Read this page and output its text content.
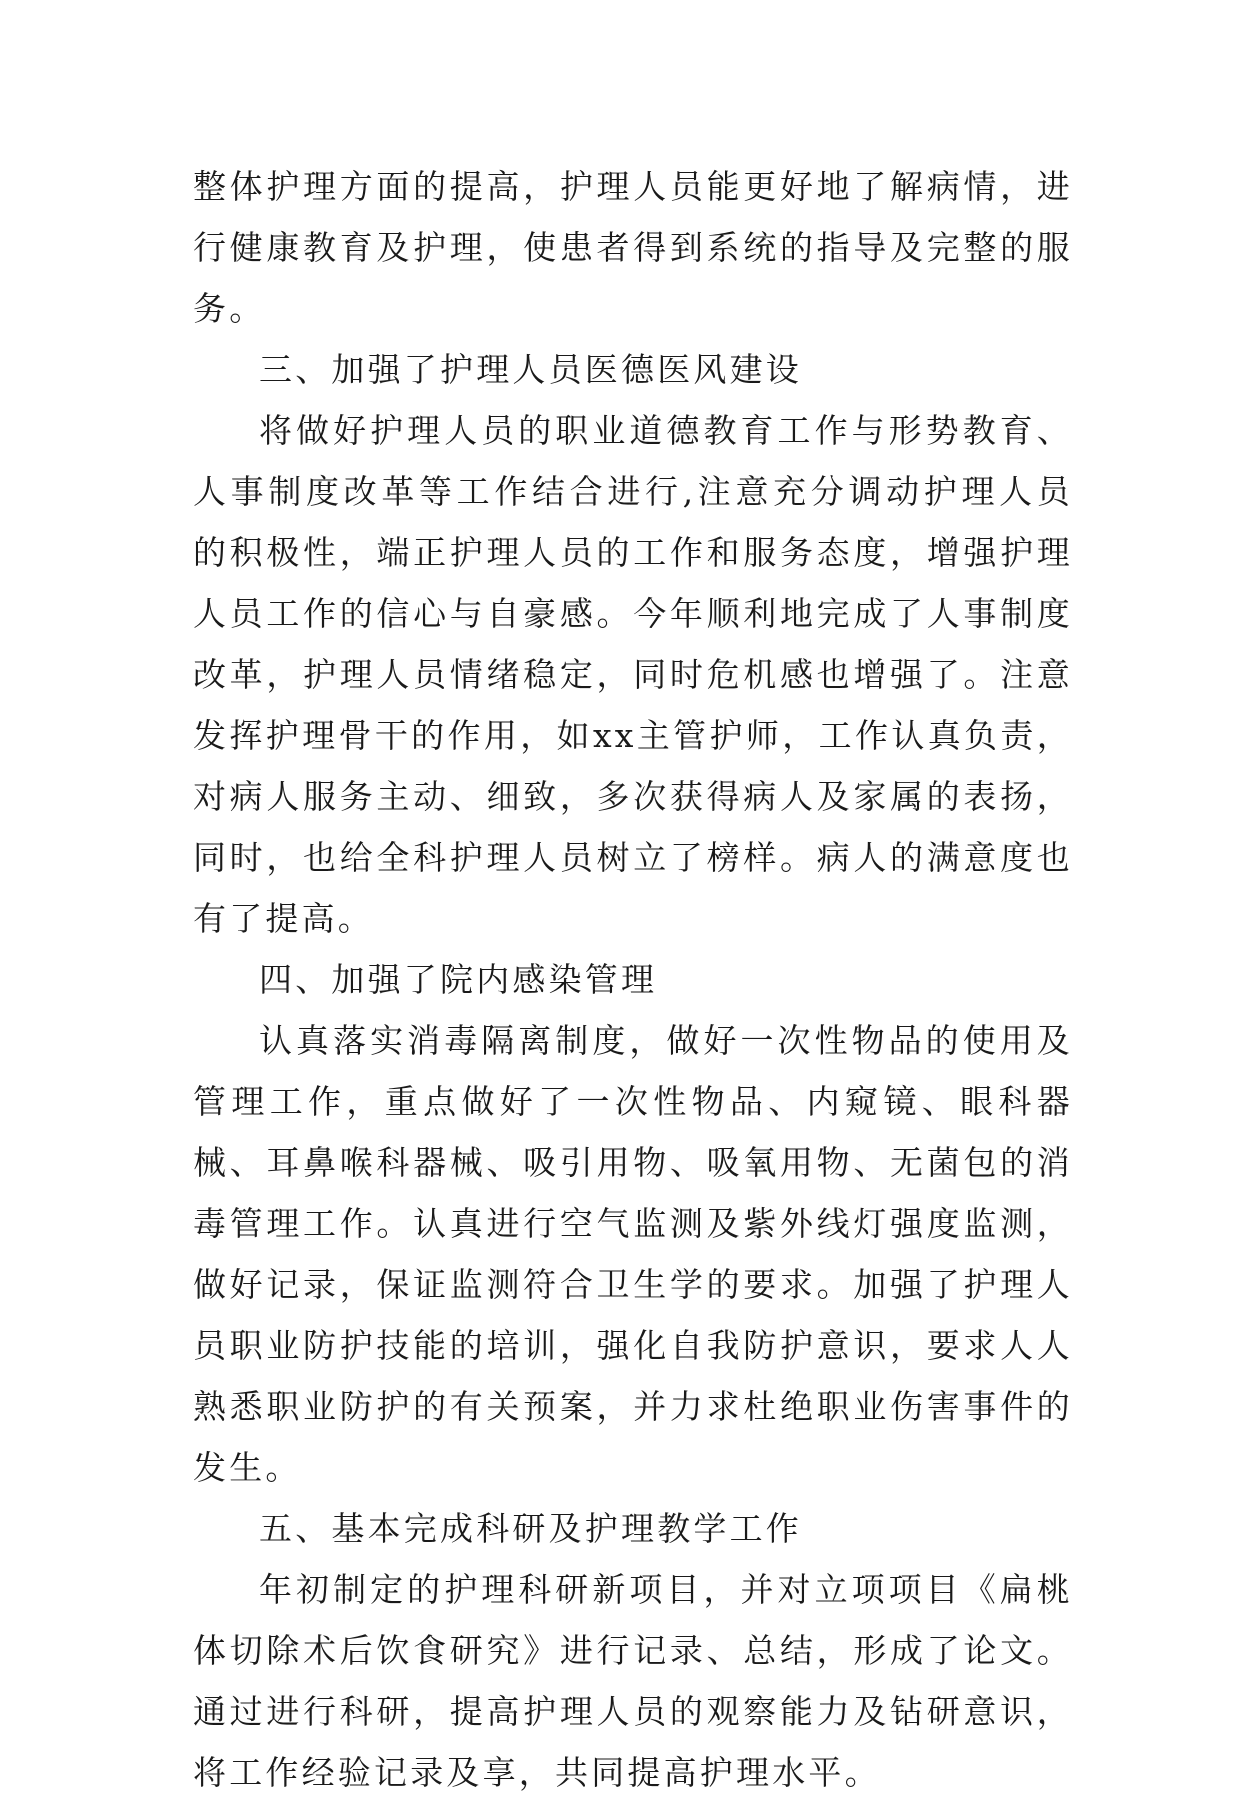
整体护理方面的提高，护理人员能更好地了解病情，进行健康教育及护理，使患者得到系统的指导及完整的服务。

三、加强了护理人员医德医风建设

将做好护理人员的职业道德教育工作与形势教育、人事制度改革等工作结合进行,注意充分调动护理人员的积极性，端正护理人员的工作和服务态度，增强护理人员工作的信心与自豪感。今年顺利地完成了人事制度改革，护理人员情绪稳定，同时危机感也增强了。注意发挥护理骨干的作用，如xx主管护师，工作认真负责，对病人服务主动、细致，多次获得病人及家属的表扬，同时，也给全科护理人员树立了榜样。病人的满意度也有了提高。

四、加强了院内感染管理

认真落实消毒隔离制度，做好一次性物品的使用及管理工作，重点做好了一次性物品、内窥镜、眼科器械、耳鼻喉科器械、吸引用物、吸氧用物、无菌包的消毒管理工作。认真进行空气监测及紫外线灯强度监测，做好记录，保证监测符合卫生学的要求。加强了护理人员职业防护技能的培训，强化自我防护意识，要求人人熟悉职业防护的有关预案，并力求杜绝职业伤害事件的发生。

五、基本完成科研及护理教学工作

年初制定的护理科研新项目，并对立项项目《扁桃体切除术后饮食研究》进行记录、总结，形成了论文。通过进行科研，提高护理人员的观察能力及钻研意识，将工作经验记录及享，共同提高护理水平。
